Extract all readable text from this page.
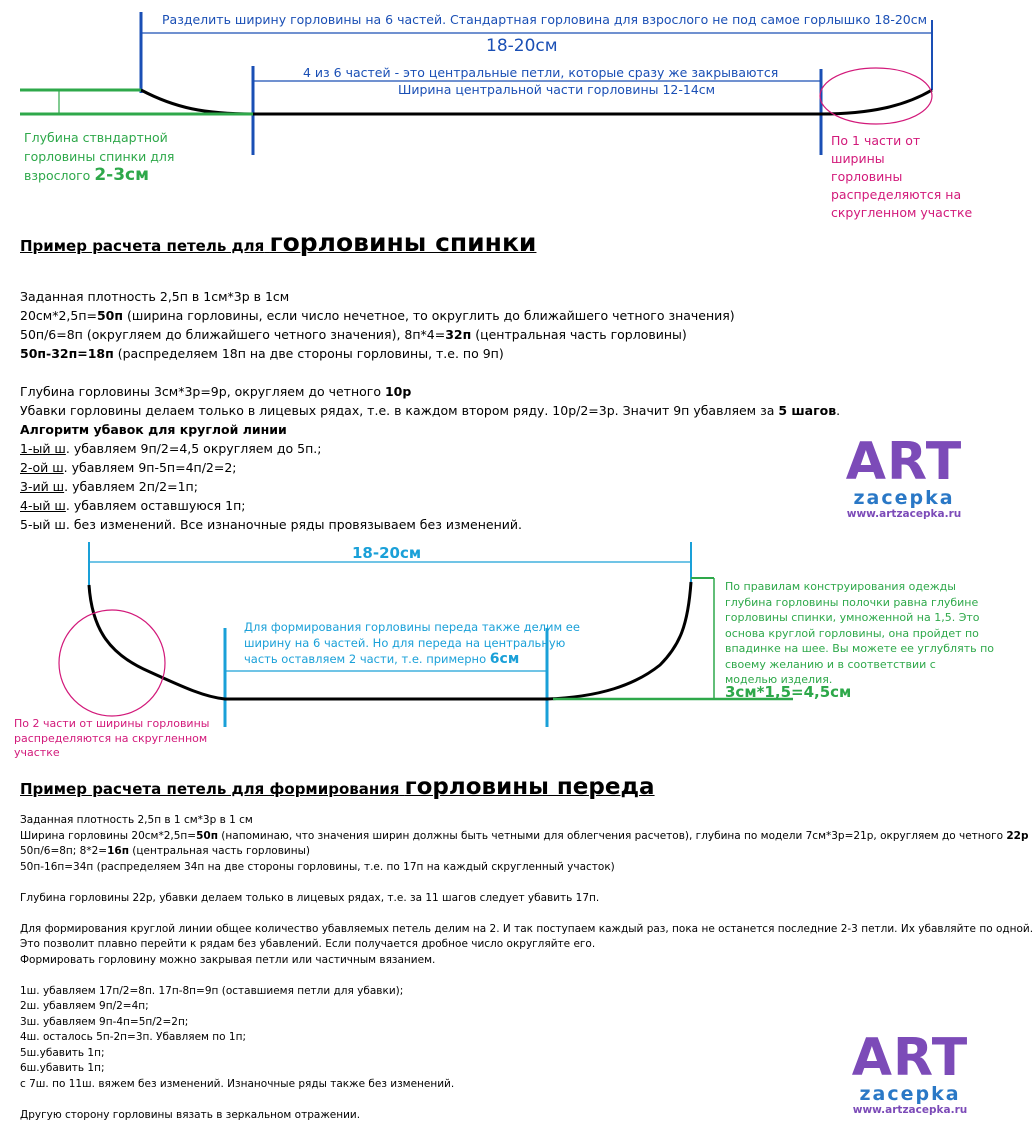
Разделить ширину горловины на 6 частей. Стандартная горловина для взрослого не под самое горлышко 18-20см
18-20см
4 из 6 частей - это центральные петли, которые сразу же закрываются
Ширина центральной части горловины 12-14см
Глубина ствндартной
горловины спинки для
взрослого 2-3см
По 1 части от ширины
горловины
распределяются на
скругленном участке
Пример расчета петель для горловины спинки
Заданная плотность 2,5п в 1см*3р в 1см
20см*2,5п=50п (ширина горловины, если число нечетное, то округлить до ближайшего четного значения)
50п/6=8п (округляем до ближайшего четного значения), 8п*4=32п (центральная часть горловины)
50п-32п=18п (распределяем 18п на две стороны горловины, т.е. по 9п)
Глубина горловины 3см*3р=9р, округляем до четного 10р
Убавки горловины делаем только в лицевых рядах, т.е. в каждом втором ряду. 10р/2=3р. Значит 9п убавляем за 5 шагов.
Алгоритм убавок для круглой линии
1-ый ш. убавляем 9п/2=4,5 округляем до 5п.;
2-ой ш. убавляем 9п-5п=4п/2=2;
3-ий ш. убавляем 2п/2=1п;
4-ый ш. убавляем оставшуюся 1п;
5-ый ш. без изменений. Все изнаночные ряды провязываем без изменений.
ART
zacepka
www.artzacepka.ru
18-20см
Для формирования горловины переда также делим ее
ширину на 6 частей. Но для переда на центральную
часть оставляем 2 части, т.е. примерно 6см
По правилам конструирования одежды
глубина горловины полочки равна глубине
горловины спинки, умноженной на 1,5. Это
основа круглой горловины, она пройдет по
впадинке на шее. Вы можете ее углублять по
своему желанию и в соответствии с
моделью изделия.
3см*1,5=4,5см
По 2 части от ширины горловины
распределяются на скругленном
участке
Пример расчета петель для формирования горловины переда
Заданная плотность 2,5п в 1 см*3р в 1 см
Ширина горловины 20см*2,5п=50п (напоминаю, что значения ширин должны быть четными для облегчения расчетов), глубина по модели 7см*3р=21р, округляем до четного 22р
50п/6=8п; 8*2=16п (центральная часть горловины)
50п-16п=34п (распределяем 34п на две стороны горловины, т.е. по 17п на каждый скругленный участок)
Глубина горловины 22р, убавки делаем только в лицевых рядах, т.е. за 11 шагов следует убавить 17п.
Для формирования круглой линии общее количество убавляемых петель делим на 2. И так поступаем каждый раз, пока не останется последние 2-3 петли. Их убавляйте по одной.
Это позволит плавно перейти к рядам без убавлений. Если получается дробное число округляйте его.
Формировать горловину можно закрывая петли или частичным вязанием.
1ш. убавляем 17п/2=8п. 17п-8п=9п (оставшиемя петли для убавки);
2ш. убавляем 9п/2=4п;
3ш. убавляем 9п-4п=5п/2=2п;
4ш. осталось 5п-2п=3п. Убавляем по 1п;
5ш.убавить 1п;
6ш.убавить 1п;
с 7ш. по 11ш. вяжем без изменений. Изнаночные ряды также без изменений.
Другую сторону горловины вязать в зеркальном отражении.
ART
zacepka
www.artzacepka.ru
